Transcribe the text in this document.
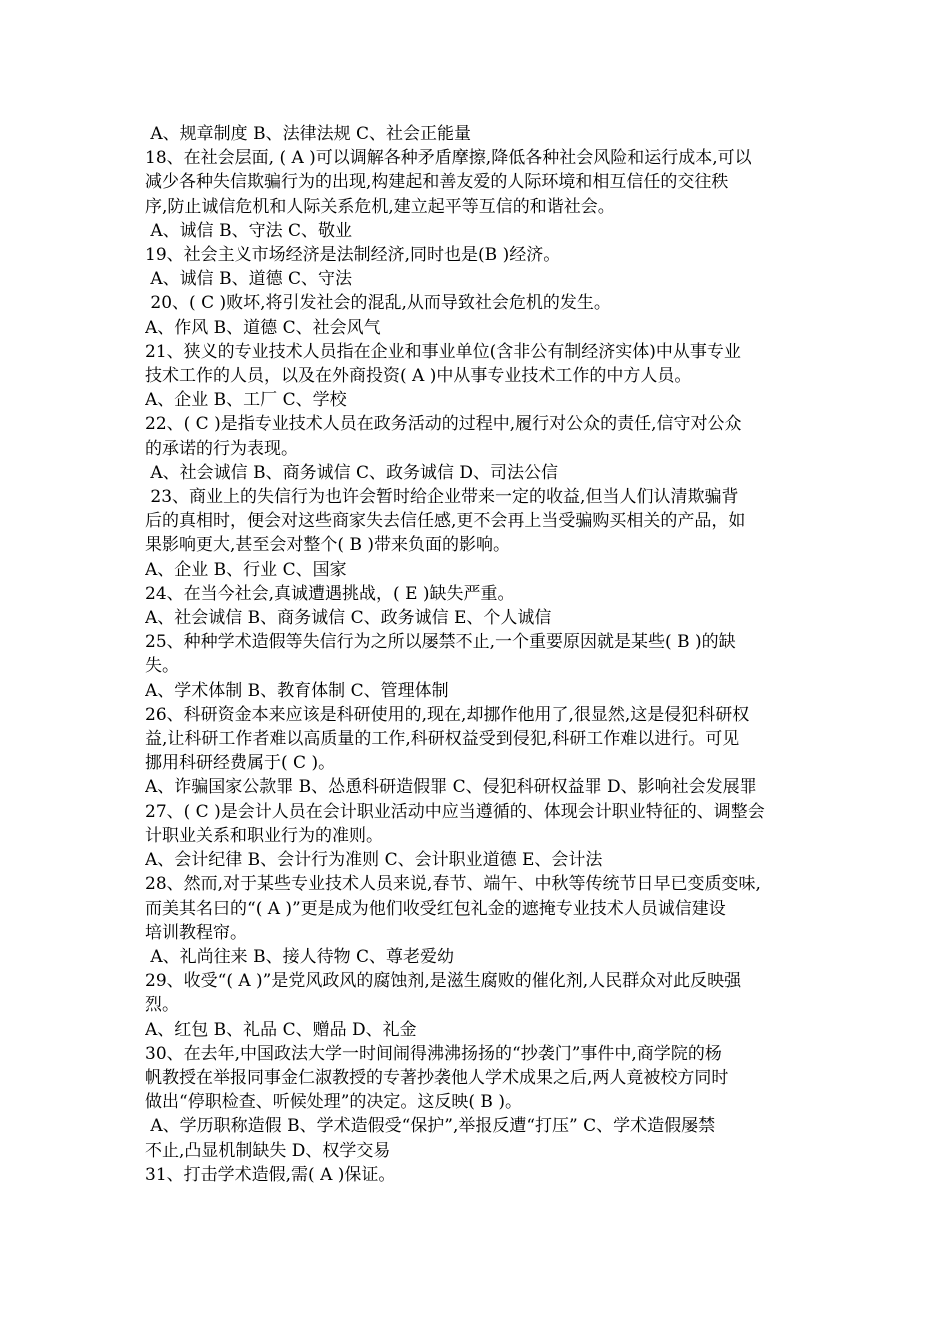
A、规章制度 B、法律法规 C、社会正能量
18、在社会层面, ( A )可以调解各种矛盾摩擦,降低各种社会风险和运行成本,可以
减少各种失信欺骗行为的出现,构建起和善友爱的人际环境和相互信任的交往秩
序,防止诚信危机和人际关系危机,建立起平等互信的和谐社会。
A、诚信 B、守法 C、敬业
19、社会主义市场经济是法制经济,同时也是(B )经济。
A、诚信 B、道德 C、守法
20、( C )败坏,将引发社会的混乱,从而导致社会危机的发生。
A、作风 B、道德 C、社会风气
21、狭义的专业技术人员指在企业和事业单位(含非公有制经济实体)中从事专业
技术工作的人员，以及在外商投资( A )中从事专业技术工作的中方人员。
A、企业 B、工厂 C、学校
22、( C )是指专业技术人员在政务活动的过程中,履行对公众的责任,信守对公众
的承诺的行为表现。
A、社会诚信 B、商务诚信 C、政务诚信 D、司法公信
23、商业上的失信行为也许会暂时给企业带来一定的收益,但当人们认清欺骗背
后的真相时，便会对这些商家失去信任感,更不会再上当受骗购买相关的产品，如
果影响更大,甚至会对整个( B )带来负面的影响。
A、企业 B、行业 C、国家
24、在当今社会,真诚遭遇挑战，( E )缺失严重。
A、社会诚信 B、商务诚信 C、政务诚信 E、个人诚信
25、种种学术造假等失信行为之所以屡禁不止,一个重要原因就是某些( B )的缺
失。
A、学术体制 B、教育体制 C、管理体制
26、科研资金本来应该是科研使用的,现在,却挪作他用了,很显然,这是侵犯科研权
益,让科研工作者难以高质量的工作,科研权益受到侵犯,科研工作难以进行。可见
挪用科研经费属于( C )。
A、诈骗国家公款罪 B、怂恿科研造假罪 C、侵犯科研权益罪 D、影响社会发展罪
27、( C )是会计人员在会计职业活动中应当遵循的、体现会计职业特征的、调整会
计职业关系和职业行为的准则。
A、会计纪律 B、会计行为准则 C、会计职业道德 E、会计法
28、然而,对于某些专业技术人员来说,春节、端午、中秋等传统节日早已变质变味,
而美其名曰的“( A )”更是成为他们收受红包礼金的遮掩专业技术人员诚信建设
培训教程帘。
A、礼尚往来 B、接人待物 C、尊老爱幼
29、收受“( A )”是党风政风的腐蚀剂,是滋生腐败的催化剂,人民群众对此反映强
烈。
A、红包 B、礼品 C、赠品 D、礼金
30、在去年,中国政法大学一时间闹得沸沸扬扬的“抄袭门”事件中,商学院的杨
帆教授在举报同事金仁淑教授的专著抄袭他人学术成果之后,两人竟被校方同时
做出“停职检查、听候处理”的决定。这反映( B )。
A、学历职称造假 B、学术造假受“保护”,举报反遭“打压” C、学术造假屡禁
不止,凸显机制缺失 D、权学交易
31、打击学术造假,需( A )保证。
